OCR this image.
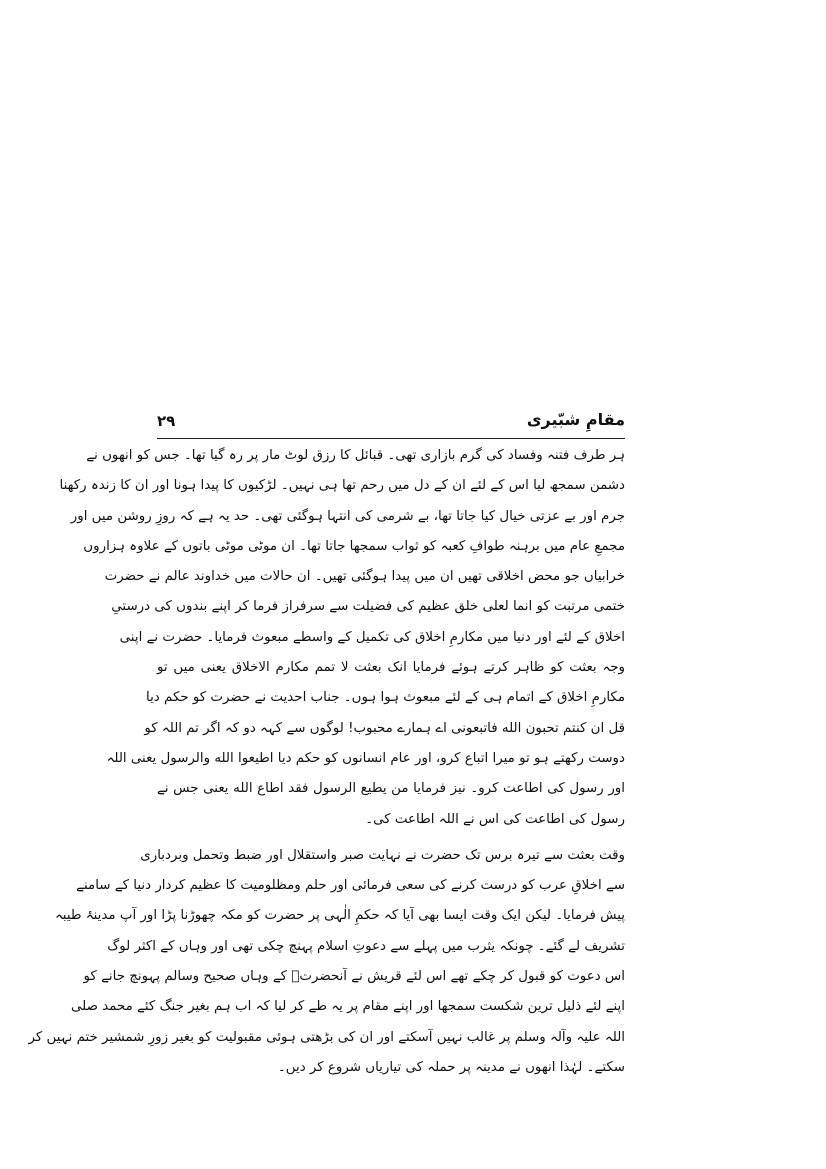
۲۹	مقامِ شبّیری

ہر طرف فتنہ وفساد کی گرم بازاری تھی۔ قبائل کا رزق لوٹ مار پر رہ گیا تھا۔ جس کو انھوں نے
دشمن سمجھ لیا اس کے لئے ان کے دل میں رحم تھا ہی نہیں۔ لڑکیوں کا پیدا ہونا اور ان کا زندہ رکھنا
جرم اور بے عزتی خیال کیا جاتا تھا، بے شرمی کی انتہا ہوگئی تھی۔ حد یہ ہے کہ روزِ روشن میں اور
مجمعِ عام میں برہنہ طوافِ کعبہ کو ثواب سمجھا جاتا تھا۔ ان موٹی موٹی باتوں کے علاوہ ہزاروں
خرابیاں جو محض اخلاقی تھیں ان میں پیدا ہوگئی تھیں۔ ان حالات میں خداوند عالم نے حضرت
ختمی مرتبت کو انما لعلی خلق عظیم کی فضیلت سے سرفراز فرما کر اپنے بندوں کی درستیِ
اخلاق کے لئے اور دنیا میں مکارمِ اخلاق کی تکمیل کے واسطے مبعوث فرمایا۔ حضرت نے اپنی
وجہ بعثت کو ظاہر کرتے ہوئے فرمایا انک بعثت لا تمم مکارم الاخلاق یعنی میں تو
مکارمِ اخلاق کے اتمام ہی کے لئے مبعوث ہوا ہوں۔ جناب احدیت نے حضرت کو حکم دیا
قل ان کنتم تحبون الله فاتبعونی اے ہمارے محبوب! لوگوں سے کہہ دو کہ اگر تم اللہ کو
دوست رکھتے ہو تو میرا اتباع کرو، اور عام انسانوں کو حکم دیا اطیعوا الله والرسول یعنی اللہ
اور رسول کی اطاعت کرو۔ نیز فرمایا من یطیع الرسول فقد اطاع الله یعنی جس نے
رسول کی اطاعت کی اس نے اللہ اطاعت کی۔

وقت بعثت سے تیرہ برس تک حضرت نے نہایت صبر واستقلال اور ضبط وتحمل وبردباری
سے اخلاقِ عرب کو درست کرنے کی سعی فرمائی اور حلم ومظلومیت کا عظیم کردار دنیا کے سامنے
پیش فرمایا۔ لیکن ایک وقت ایسا بھی آیا کہ حکمِ الٰہی پر حضرت کو مکہ چھوڑنا پڑا اور آپ مدینۂ طیبہ
تشریف لے گئے۔ چونکہ یثرب میں پہلے سے دعوتِ اسلام پہنچ چکی تھی اور وہاں کے اکثر لوگ
اس دعوت کو قبول کر چکے تھے اس لئے قریش نے آنحضرتؐ کے وہاں صحیح وسالم پہونچ جانے کو
اپنے لئے ذلیل ترین شکست سمجھا اور اپنے مقام پر یہ طے کر لیا کہ اب ہم بغیر جنگ کئے محمد صلی
اللہ علیہ وآلہ وسلم پر غالب نہیں آسکتے اور ان کی بڑھتی ہوئی مقبولیت کو بغیر زورِ شمشیر ختم نہیں کر
سکتے۔ لہٰذا انھوں نے مدینہ پر حملہ کی تیاریاں شروع کر دیں۔
